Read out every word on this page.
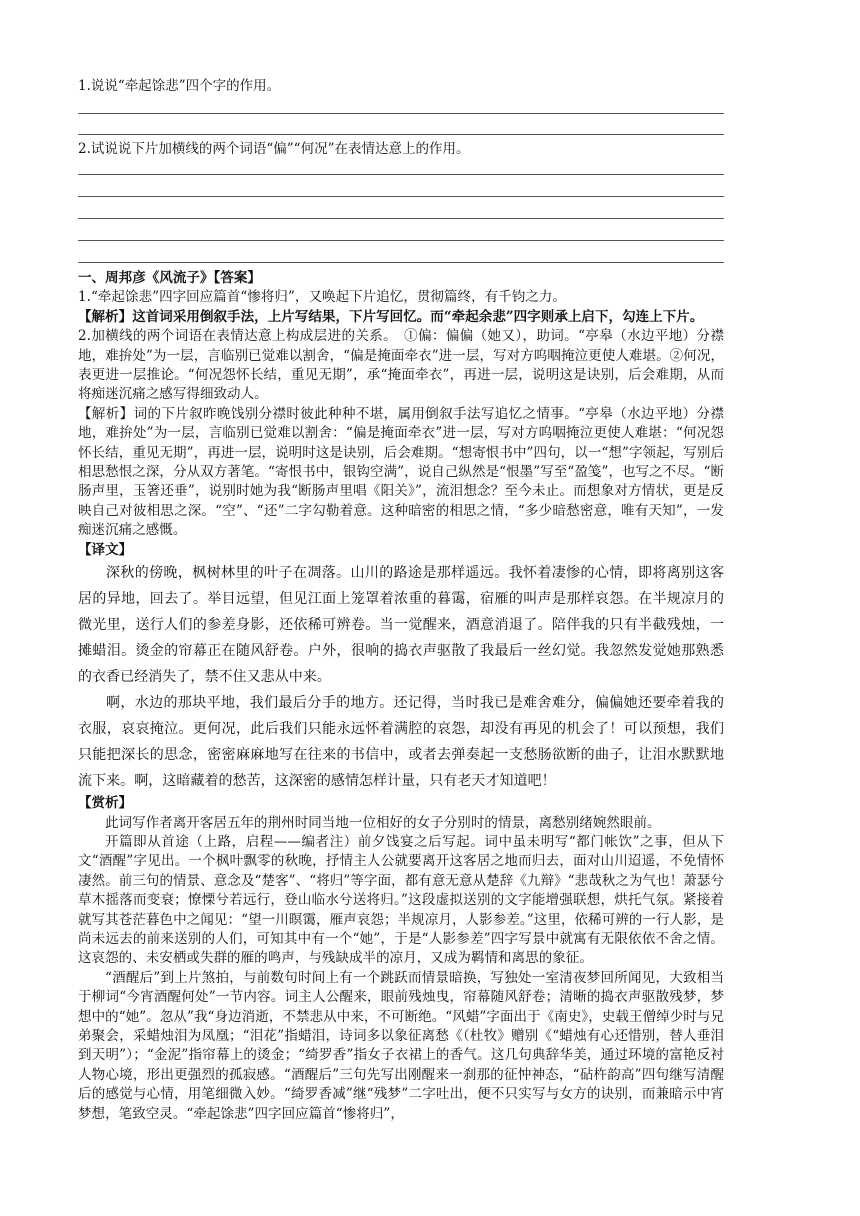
1.说说“牵起馀悲”四个字的作用。
2.试说说下片加横线的两个词语“偏”“何况”在表情达意上的作用。

一、周邦彦《风流子》【答案】

1.“牵起馀悲”四字回应篇首“惨将归”，又唤起下片追忆，贯彻篇终，有千钧之力。

【解析】这首词采用倒叙手法，上片写结果，下片写回忆。而“牵起余悲”四字则承上启下，勾连上下片。

2.加横线的两个词语在表情达意上构成层进的关系。　①偏：偏偏（她又），助词。“亭皋（水边平地）分襟地，难拚处”为一层，言临别已觉难以割舍，“偏是掩面牵衣”进一层，写对方呜咽掩泣更使人难堪。②何况，表更进一层推论。“何况怨怀长结，重见无期”，承“掩面牵衣”，再进一层，说明这是诀别，后会难期，从而将痴迷沉痛之感写得细致动人。

【解析】词的下片叙昨晚饯别分襟时彼此种种不堪，属用倒叙手法写追忆之情事。“亭皋（水边平地）分襟地，难拚处”为一层，言临别已觉难以割舍：“偏是掩面牵衣”进一层，写对方呜咽掩泣更使人难堪：“何况怨怀长结，重见无期”，再进一层，说明时这是诀别，后会难期。“想寄恨书中”四句，以一“想”字领起，写别后相思愁恨之深，分从双方著笔。“寄恨书中，银钩空满”，说自己纵然是“恨墨”写至“盈笺”，也写之不尽。“断肠声里，玉箸还垂”，说别时她为我“断肠声里唱《阳关》”，流泪想念？至今未止。而想象对方情状，更是反映自己对彼相思之深。“空”、“还”二字勾勒着意。这种暗密的相思之情，“多少暗愁密意，唯有天知”，一发痴迷沉痛之感慨。

【译文】

深秋的傍晚，枫树林里的叶子在凋落。山川的路途是那样遥远。我怀着凄惨的心情，即将离别这客居的异地，回去了。举目远望，但见江面上笼罩着浓重的暮霭，宿雁的叫声是那样哀怨。在半规凉月的微光里，送行人们的参差身影，还依稀可辨卷。当一觉醒来，酒意消退了。陪伴我的只有半截残烛，一摊蜡泪。烫金的帘幕正在随风舒卷。户外，很响的捣衣声驱散了我最后一丝幻觉。我忽然发觉她那熟悉的衣香已经消失了，禁不住又悲从中来。

啊，水边的那块平地，我们最后分手的地方。还记得，当时我已是难舍难分，偏偏她还要牵着我的衣服，哀哀掩泣。更何况，此后我们只能永远怀着满腔的哀怨，却没有再见的机会了！可以预想，我们只能把深长的思念，密密麻麻地写在往来的书信中，或者去弹奏起一支愁肠欲断的曲子，让泪水默默地流下来。啊，这暗藏着的愁苦，这深密的感情怎样计量，只有老天才知道吧！

【赏析】

此词写作者离开客居五年的荆州时同当地一位相好的女子分别时的情景，离愁别绪婉然眼前。

开篇即从首途（上路，启程——编者注）前夕饯宴之后写起。词中虽未明写“都门帐饮”之事，但从下文“酒醒”字见出。一个枫叶飘零的秋晚，抒情主人公就要离开这客居之地而归去，面对山川迢遥，不免情怀凄然。前三句的情景、意念及“楚客”、“将归”等字面，都有意无意从楚辞《九辩》“悲哉秋之为气也！萧瑟兮草木摇落而变衰；憭慄兮若远行，登山临水兮送将归。”这段虚拟送别的文字能增强联想，烘托气氛。紧接着就写其苍茫暮色中之闻见：“望一川暝霭，雁声哀怨；半规凉月，人影参差。”这里，依稀可辨的一行人影，是尚未远去的前来送别的人们，可知其中有一个“她”，于是“人影参差”四字写景中就寓有无限依依不舍之情。这哀怨的、未安栖或失群的雁的鸣声，与残缺成半的凉月，又成为羁情和离思的象征。

“酒醒后”到上片煞拍，与前数句时间上有一个跳跃而情景暗换，写独处一室清夜梦回所闻见，大致相当于柳词“今宵酒醒何处”一节内容。词主人公醒来，眼前残烛曳，帘幕随风舒卷；清晰的捣衣声驱散残梦，梦想中的“她”。忽从”我“身边消逝，不禁悲从中来，不可断绝。“风蜡”字面出于《南史》，史载王僧绰少时与兄弟聚会，采蜡烛泪为凤凰；“泪花”指蜡泪，诗词多以象征离愁《（杜牧》赠别《“蜡烛有心还惜别，替人垂泪到天明”）；“金泥”指帘幕上的烫金；“绮罗香”指女子衣裙上的香气。这几句典辞华美，通过环境的富艳反衬人物心境，形出更强烈的孤寂感。“酒醒后”三句先写出刚醒来一刹那的征忡神态，“砧杵韵高”四句继写清醒后的感觉与心情，用笔细微入妙。“绮罗香减”继“残梦”二字吐出，便不只实写与女方的诀别，而兼暗示中宵梦想，笔致空灵。“牵起馀悲”四字回应篇首“惨将归”，
